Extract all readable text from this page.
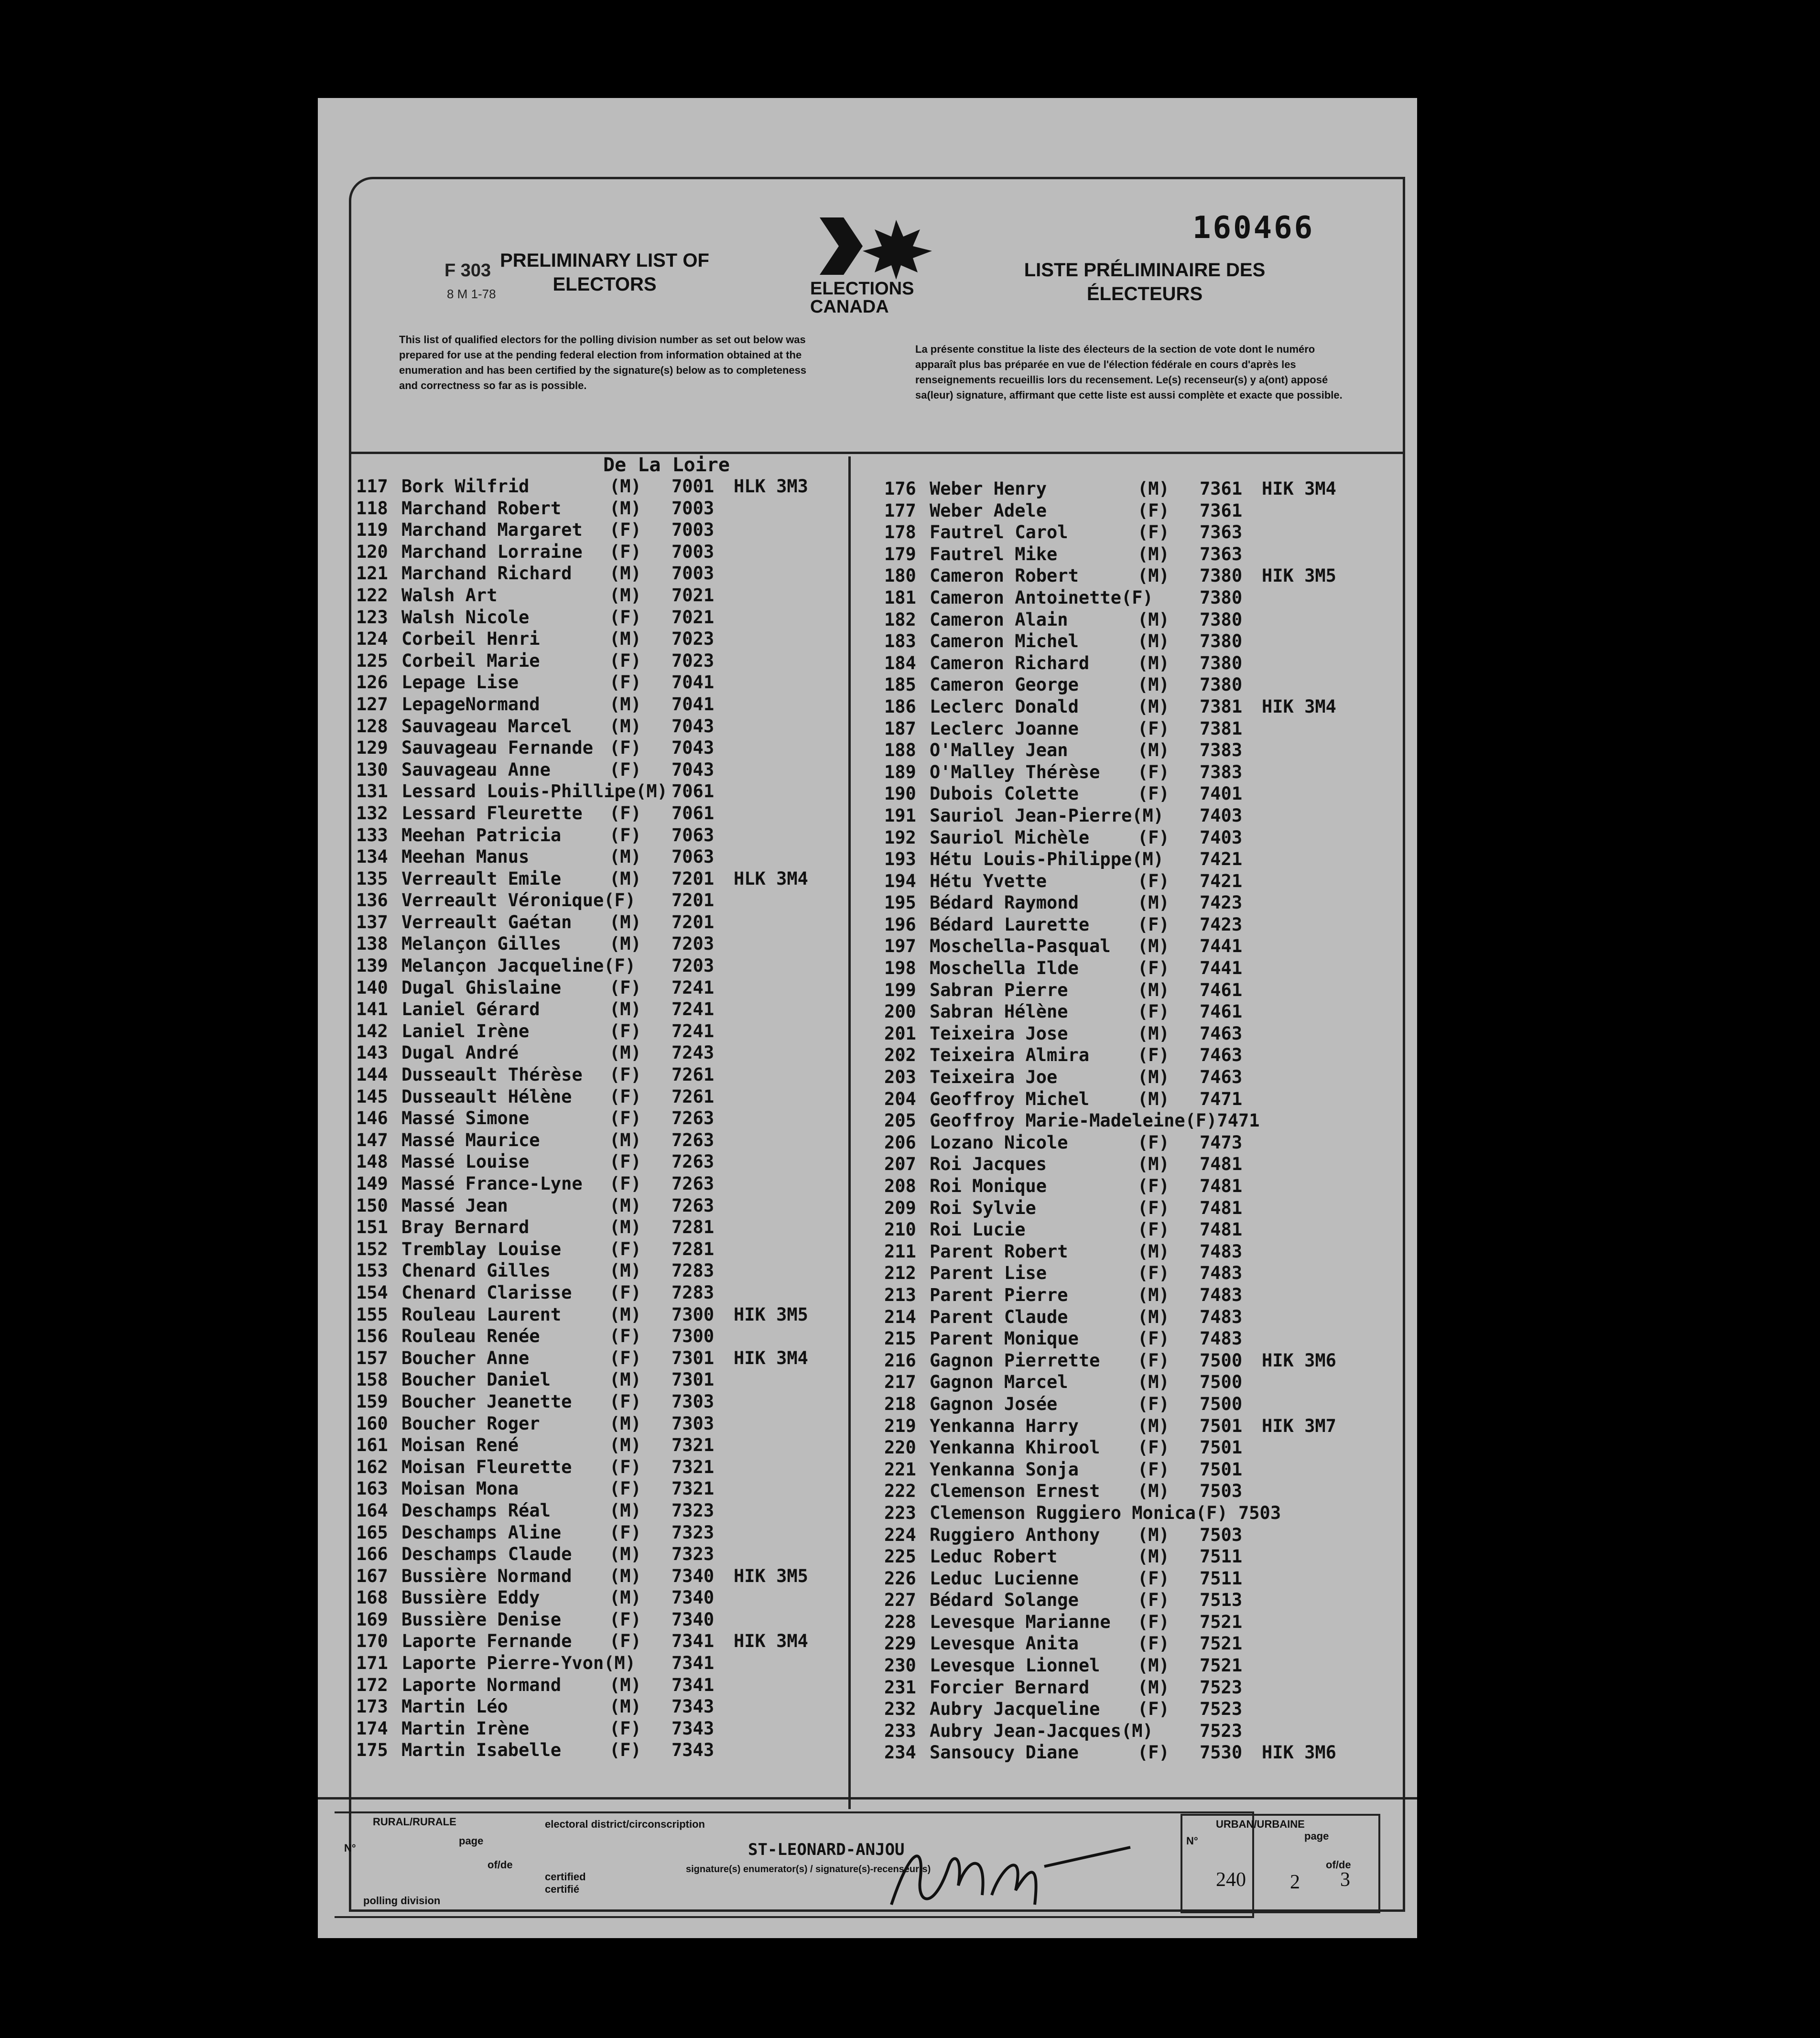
F 303
8 M 1-78
PRELIMINARY LIST OF
ELECTORS	ELECTIONS
CANADA
160466
LISTE PRÉLIMINAIRE DES
ÉLECTEURS
This list of qualified electors for the polling division number as set out below was prepared for use at the pending federal election from information obtained at the enumeration and has been certified by the signature(s) below as to completeness and correctness so far as is possible.
La présente constitue la liste des électeurs de la section de vote dont le numéro apparaît plus bas préparée en vue de l'élection fédérale en cours d'après les renseignements recueillis lors du recensement. Le(s) recenseur(s) y a(ont) apposé sa(leur) signature, affirmant que cette liste est aussi complète et exacte que possible.
De La Loire
117 Bork Wilfrid	(M) 7001 HLK 3M3
118 Marchand Robert	(M) 7003
119 Marchand Margaret (F) 7003
120 Marchand Lorraine (F) 7003
121 Marchand Richard (M) 7003
122 Walsh Art	(M) 7021
123 Walsh Nicole	(F) 7021
124 Corbeil Henri	(M) 7023
125 Corbeil Marie	(F) 7023
126 Lepage Lise	(F) 7041
127 LepageNormand	(M) 7041
128 Sauvageau Marcel (M) 7043
129 Sauvageau Fernande (F) 7043
130 Sauvageau Anne	(F) 7043
131 Lessard Louis-Phillipe(M) 7061
132 Lessard Fleurette (F) 7061
133 Meehan Patricia	(F) 7063
134 Meehan Manus	(M) 7063
135 Verreault Emile	(M) 7201 HLK 3M4
136 Verreault Véronique(F) 7201
137 Verreault Gaétan (M) 7201
138 Melançon Gilles	(M) 7203
139 Melançon Jacqueline(F) 7203
140 Dugal Ghislaine	(F) 7241
141 Laniel Gérard	(M) 7241
142 Laniel Irène	(F) 7241
143 Dugal André	(M) 7243
144 Dusseault Thérèse (F) 7261
145 Dusseault Hélène (F) 7261
146 Massé Simone	(F) 7263
147 Massé Maurice	(M) 7263
148 Massé Louise	(F) 7263
149 Massé France-Lyne (F) 7263
150 Massé Jean	(M) 7263
151 Bray Bernard	(M) 7281
152 Tremblay Louise	(F) 7281
153 Chenard Gilles	(M) 7283
154 Chenard Clarisse (F) 7283
155 Rouleau Laurent	(M) 7300 HIK 3M5
156 Rouleau Renée	(F) 7300
157 Boucher Anne	(F) 7301 HIK 3M4
158 Boucher Daniel	(M) 7301
159 Boucher Jeanette (F) 7303
160 Boucher Roger	(M) 7303
161 Moisan René	(M) 7321
162 Moisan Fleurette (F) 7321
163 Moisan Mona	(F) 7321
164 Deschamps Réal	(M) 7323
165 Deschamps Aline	(F) 7323
166 Deschamps Claude (M) 7323
167 Bussière Normand (M) 7340 HIK 3M5
168 Bussière Eddy	(M) 7340
169 Bussière Denise	(F) 7340
170 Laporte Fernande (F) 7341 HIK 3M4
171 Laporte Pierre-Yvon(M) 7341
172 Laporte Normand	(M) 7341
173 Martin Léo	(M) 7343
174 Martin Irène	(F) 7343
175 Martin Isabelle	(F) 7343
176 Weber Henry	(M) 7361 HIK 3M4
177 Weber Adele	(F) 7361
178 Fautrel Carol	(F) 7363
179 Fautrel Mike	(M) 7363
180 Cameron Robert	(M) 7380 HIK 3M5
181 Cameron Antoinette(F)	7380
182 Cameron Alain	(M) 7380
183 Cameron Michel	(M) 7380
184 Cameron Richard	(M) 7380
185 Cameron George	(M) 7380
186 Leclerc Donald	(M) 7381 HIK 3M4
187 Leclerc Joanne	(F) 7381
188 O'Malley Jean	(M) 7383
189 O'Malley Thérèse (F) 7383
190 Dubois Colette	(F) 7401
191 Sauriol Jean-Pierre(M) 7403
192 Sauriol Michèle	(F) 7403
193 Hétu Louis-Philippe(M) 7421
194 Hétu Yvette	(F) 7421
195 Bédard Raymond	(M) 7423
196 Bédard Laurette	(F) 7423
197 Moschella-Pasqual (M) 7441
198 Moschella Ilde	(F) 7441
199 Sabran Pierre	(M) 7461
200 Sabran Hélène	(F) 7461
201 Teixeira Jose	(M) 7463
202 Teixeira Almira	(F) 7463
203 Teixeira Joe	(M) 7463
204 Geoffroy Michel	(M) 7471
205 Geoffroy Marie-Madeleine(F)7471
206 Lozano Nicole	(F) 7473
207 Roi Jacques	(M) 7481
208 Roi Monique	(F) 7481
209 Roi Sylvie	(F) 7481
210 Roi Lucie	(F) 7481
211 Parent Robert	(M) 7483
212 Parent Lise	(F) 7483
213 Parent Pierre	(M) 7483
214 Parent Claude	(M) 7483
215 Parent Monique	(F) 7483
216 Gagnon Pierrette (F) 7500 HIK 3M6
217 Gagnon Marcel	(M) 7500
218 Gagnon Josée	(F) 7500
219 Yenkanna Harry	(M) 7501 HIK 3M7
220 Yenkanna Khirool (F) 7501
221 Yenkanna Sonja	(F) 7501
222 Clemenson Ernest (M) 7503
223 Clemenson Ruggiero Monica(F) 7503
224 Ruggiero Anthony (M) 7503
225 Leduc Robert	(M) 7511
226 Leduc Lucienne	(F) 7511
227 Bédard Solange	(F) 7513
228 Levesque Marianne (F) 7521
229 Levesque Anita	(F) 7521
230 Levesque Lionnel (M) 7521
231 Forcier Bernard	(M) 7523
232 Aubry Jacqueline (F) 7523
233 Aubry Jean-Jacques(M)	7523
234 Sansoucy Diane	(F) 7530 HIK 3M6
RURAL/RURALE	electoral district/circonscription
N°
page
of/de
certified certifié
polling division
ST-LEONARD-ANJOU
signature(s) enumerator(s) / signature(s)-recenseur(s)
URBAN/URBAINE
N°	page
of/de
240 2 3
